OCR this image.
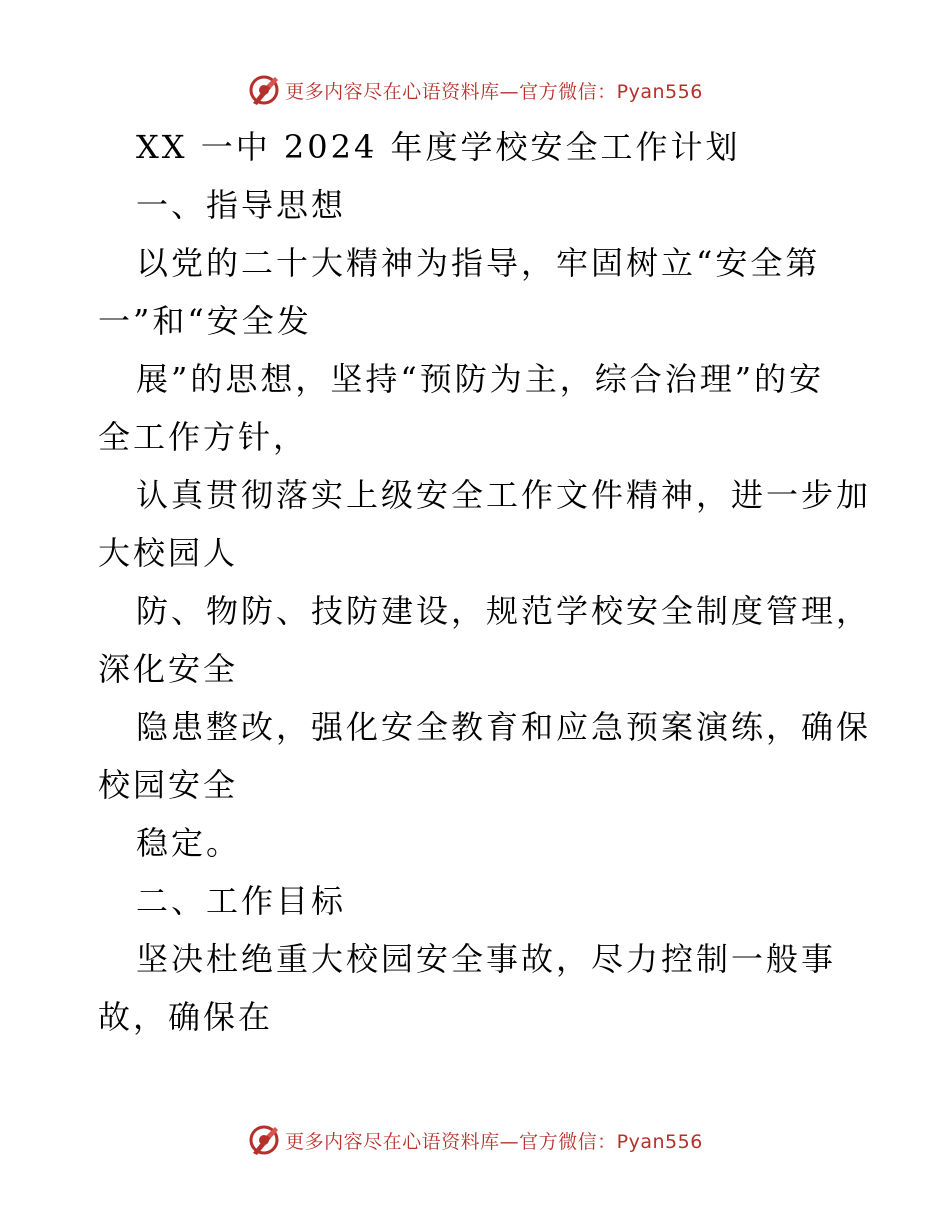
更多内容尽在心语资料库—官方微信：Pyan556
XX 一中 2024 年度学校安全工作计划
一、指导思想
以党的二十大精神为指导，牢固树立“安全第
一”和“安全发
展”的思想，坚持“预防为主，综合治理”的安
全工作方针，
认真贯彻落实上级安全工作文件精神，进一步加
大校园人
防、物防、技防建设，规范学校安全制度管理，
深化安全
隐患整改，强化安全教育和应急预案演练，确保
校园安全
稳定。
二、工作目标
坚决杜绝重大校园安全事故，尽力控制一般事
故，确保在
更多内容尽在心语资料库—官方微信：Pyan556
